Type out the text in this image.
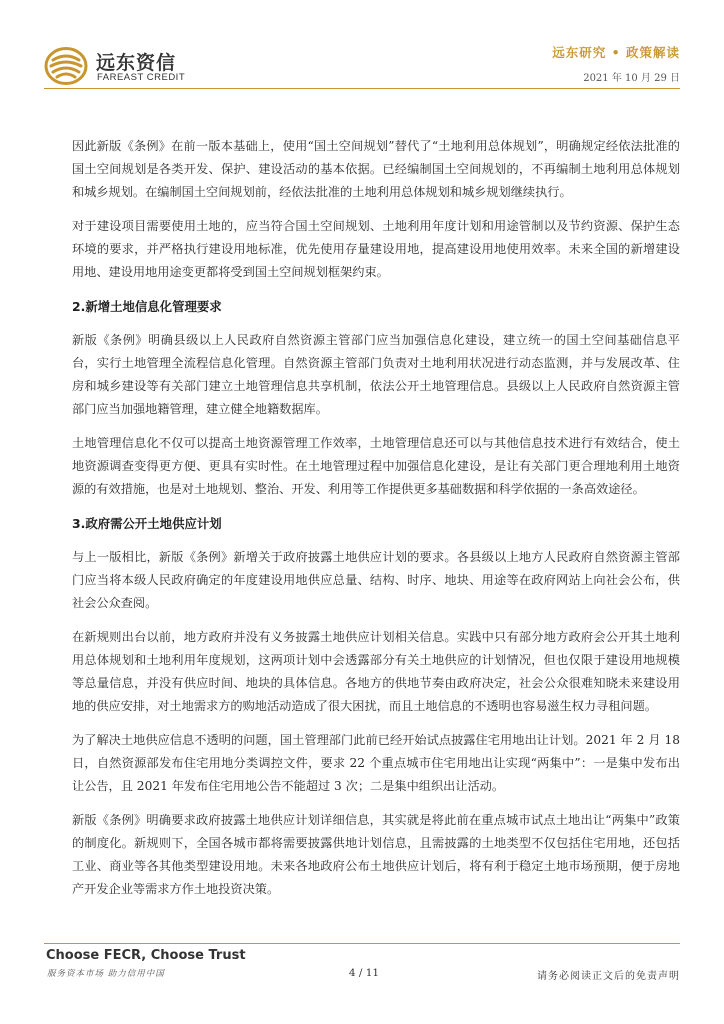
远东资信
FAREAST CREDIT
远东研究 • 政策解读
2021 年 10 月 29 日

因此新版《条例》在前一版本基础上，使用“国土空间规划”替代了“土地利用总体规划”，明确规定经依法批准的国土空间规划是各类开发、保护、建设活动的基本依据。已经编制国土空间规划的，不再编制土地利用总体规划和城乡规划。在编制国土空间规划前，经依法批准的土地利用总体规划和城乡规划继续执行。

对于建设项目需要使用土地的，应当符合国土空间规划、土地利用年度计划和用途管制以及节约资源、保护生态环境的要求，并严格执行建设用地标准，优先使用存量建设用地，提高建设用地使用效率。未来全国的新增建设用地、建设用地用途变更都将受到国土空间规划框架约束。

2.新增土地信息化管理要求

新版《条例》明确县级以上人民政府自然资源主管部门应当加强信息化建设，建立统一的国土空间基础信息平台，实行土地管理全流程信息化管理。自然资源主管部门负责对土地利用状况进行动态监测，并与发展改革、住房和城乡建设等有关部门建立土地管理信息共享机制，依法公开土地管理信息。县级以上人民政府自然资源主管部门应当加强地籍管理，建立健全地籍数据库。

土地管理信息化不仅可以提高土地资源管理工作效率，土地管理信息还可以与其他信息技术进行有效结合，使土地资源调查变得更方便、更具有实时性。在土地管理过程中加强信息化建设，是让有关部门更合理地利用土地资源的有效措施，也是对土地规划、整治、开发、利用等工作提供更多基础数据和科学依据的一条高效途径。

3.政府需公开土地供应计划

与上一版相比，新版《条例》新增关于政府披露土地供应计划的要求。各县级以上地方人民政府自然资源主管部门应当将本级人民政府确定的年度建设用地供应总量、结构、时序、地块、用途等在政府网站上向社会公布，供社会公众查阅。

在新规则出台以前，地方政府并没有义务披露土地供应计划相关信息。实践中只有部分地方政府会公开其土地利用总体规划和土地利用年度规划，这两项计划中会透露部分有关土地供应的计划情况，但也仅限于建设用地规模等总量信息，并没有供应时间、地块的具体信息。各地方的供地节奏由政府决定，社会公众很难知晓未来建设用地的供应安排，对土地需求方的购地活动造成了很大困扰，而且土地信息的不透明也容易滋生权力寻租问题。

为了解决土地供应信息不透明的问题，国土管理部门此前已经开始试点披露住宅用地出让计划。2021 年 2 月 18 日，自然资源部发布住宅用地分类调控文件，要求 22 个重点城市住宅用地出让实现“两集中”：一是集中发布出让公告，且 2021 年发布住宅用地公告不能超过 3 次；二是集中组织出让活动。

新版《条例》明确要求政府披露土地供应计划详细信息，其实就是将此前在重点城市试点土地出让“两集中”政策的制度化。新规则下，全国各城市都将需要披露供地计划信息，且需披露的土地类型不仅包括住宅用地，还包括工业、商业等各其他类型建设用地。未来各地政府公布土地供应计划后，将有利于稳定土地市场预期，便于房地产开发企业等需求方作土地投资决策。

Choose FECR, Choose Trust
服务资本市场 助力信用中国	4 / 11	请务必阅读正文后的免责声明
